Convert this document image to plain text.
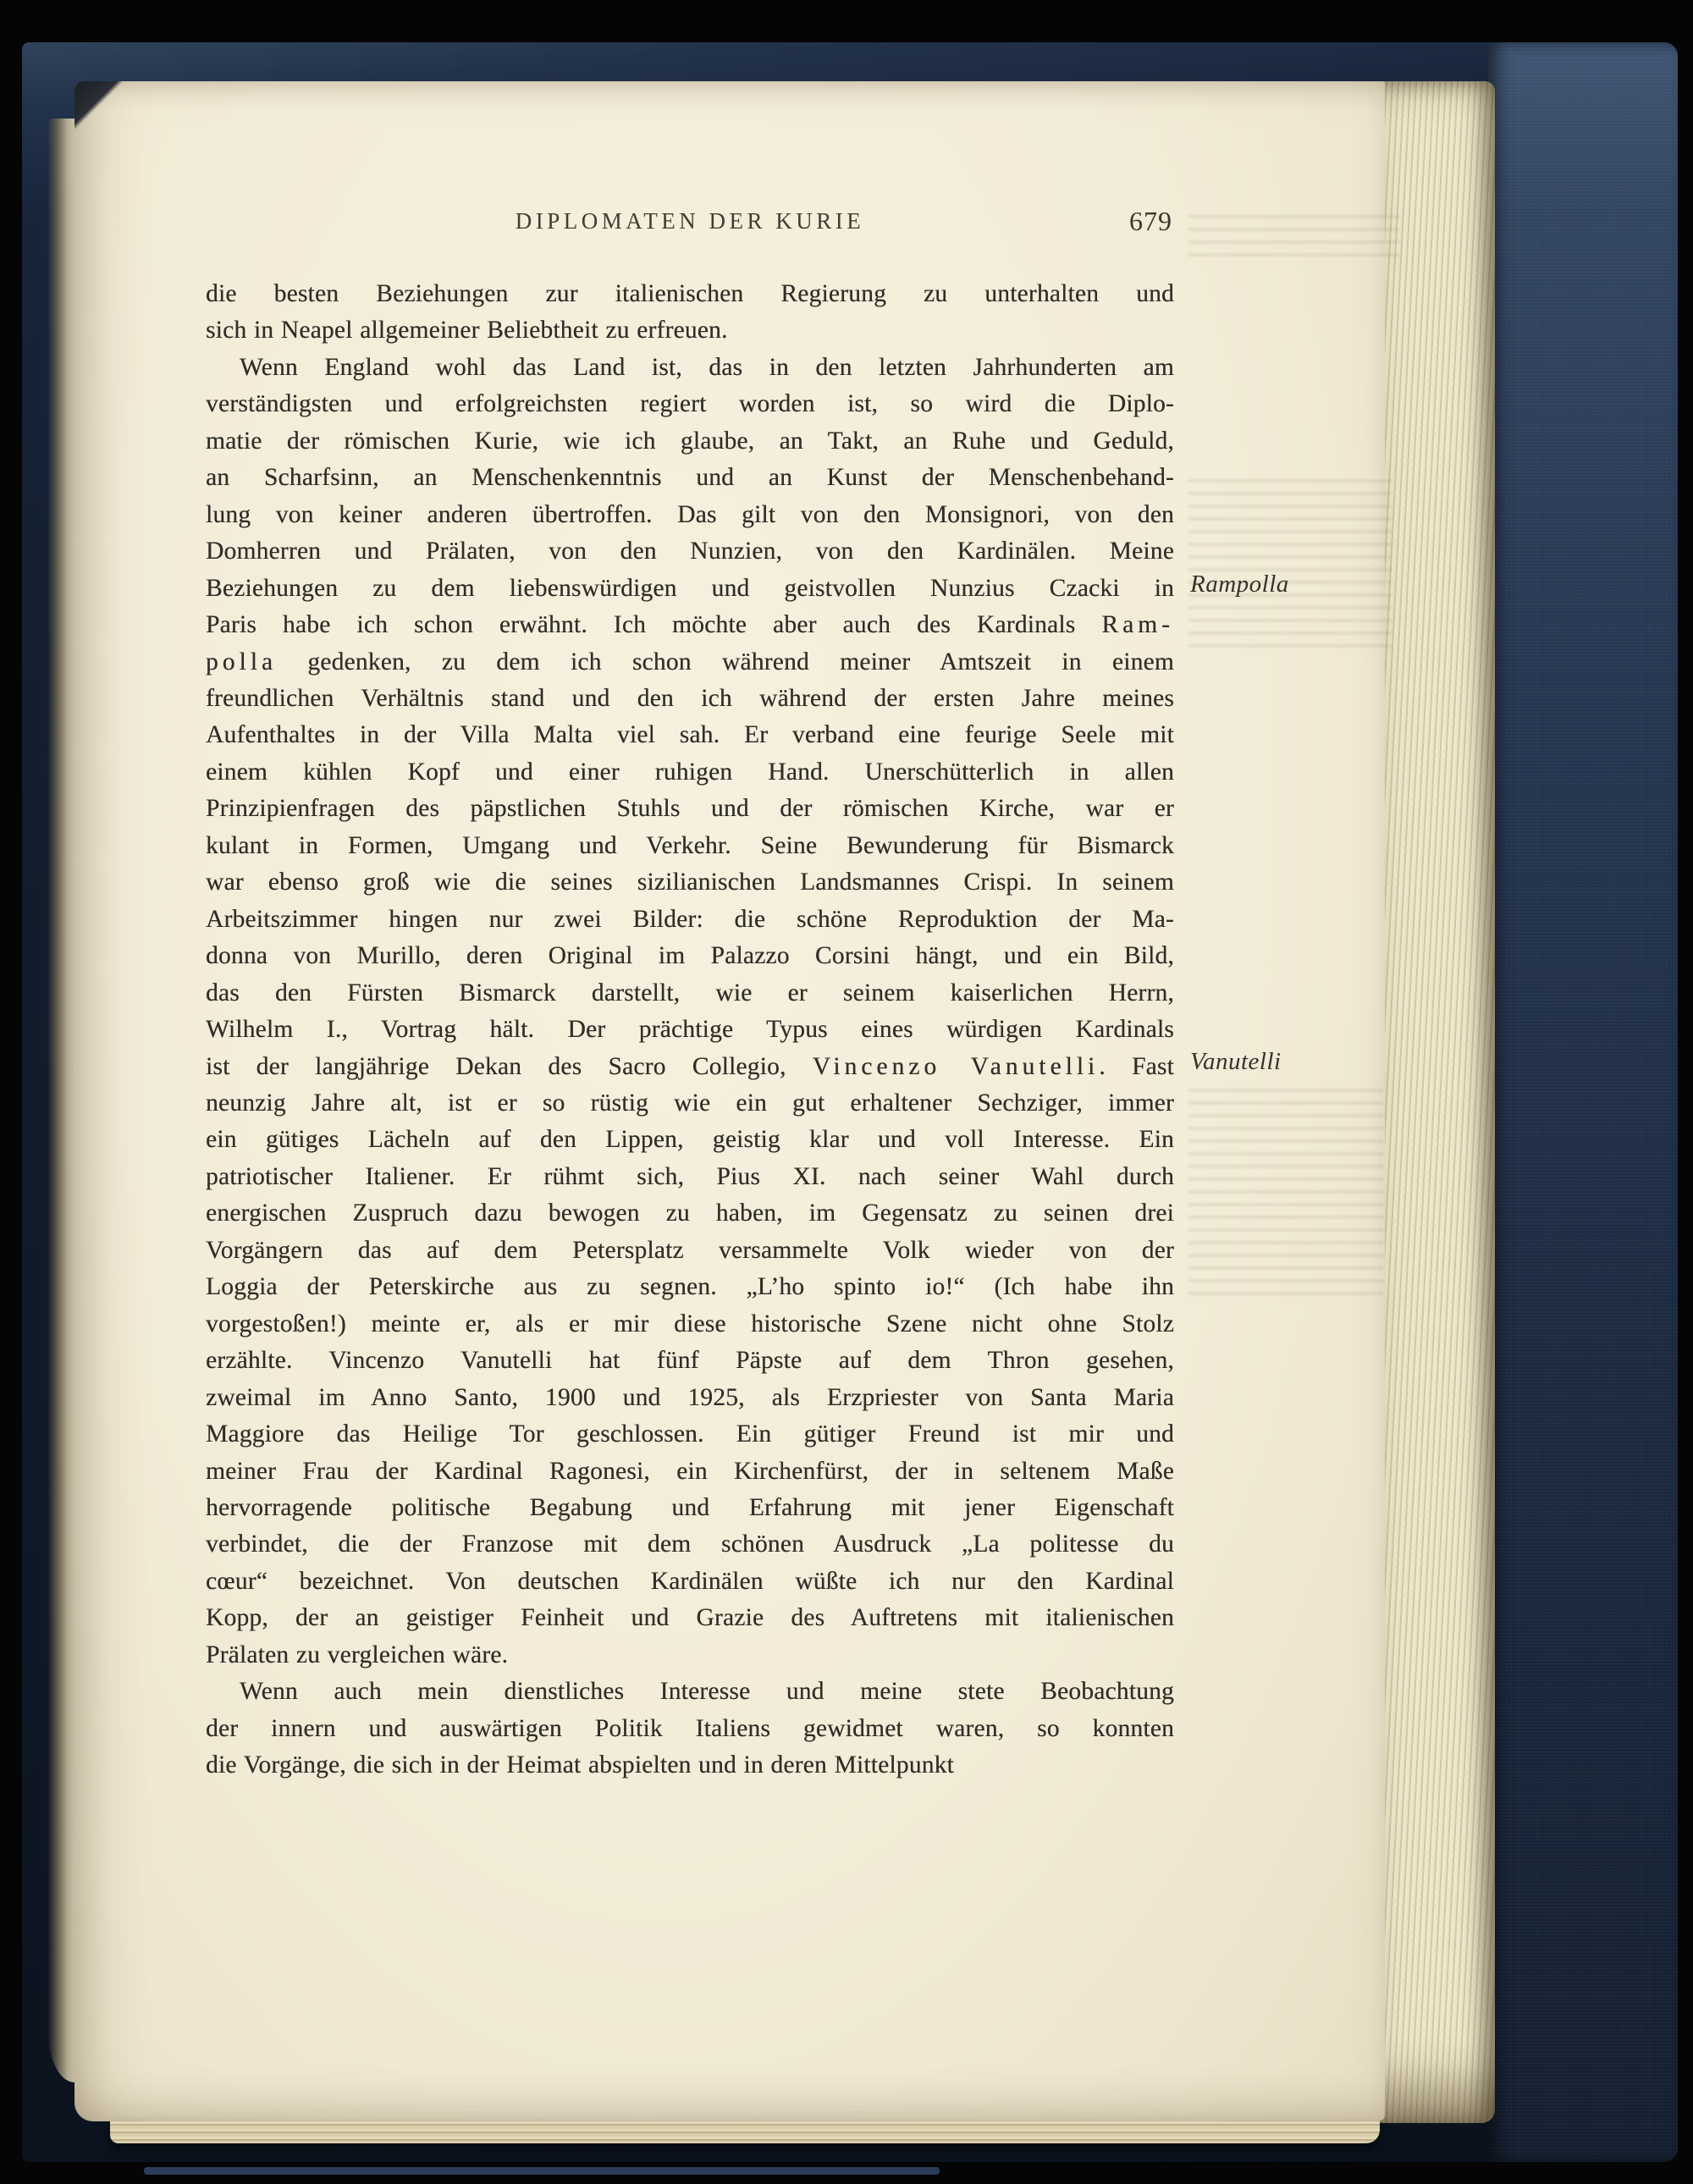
DIPLOMATEN DER KURIE	679
die besten Beziehungen zur italienischen Regierung zu unterhalten und
sich in Neapel allgemeiner Beliebtheit zu erfreuen.
Wenn England wohl das Land ist, das in den letzten Jahrhunderten am
verständigsten und erfolgreichsten regiert worden ist, so wird die Diplo-
matie der römischen Kurie, wie ich glaube, an Takt, an Ruhe und Geduld,
an Scharfsinn, an Menschenkenntnis und an Kunst der Menschenbehand-
lung von keiner anderen übertroffen. Das gilt von den Monsignori, von den
Domherren und Prälaten, von den Nunzien, von den Kardinälen. Meine
Beziehungen zu dem liebenswürdigen und geistvollen Nunzius Czacki in
Paris habe ich schon erwähnt. Ich möchte aber auch des Kardinals Ram-
polla gedenken, zu dem ich schon während meiner Amtszeit in einem
freundlichen Verhältnis stand und den ich während der ersten Jahre meines
Aufenthaltes in der Villa Malta viel sah. Er verband eine feurige Seele mit
einem kühlen Kopf und einer ruhigen Hand. Unerschütterlich in allen
Prinzipienfragen des päpstlichen Stuhls und der römischen Kirche, war er
kulant in Formen, Umgang und Verkehr. Seine Bewunderung für Bismarck
war ebenso groß wie die seines sizilianischen Landsmannes Crispi. In seinem
Arbeitszimmer hingen nur zwei Bilder: die schöne Reproduktion der Ma-
donna von Murillo, deren Original im Palazzo Corsini hängt, und ein Bild,
das den Fürsten Bismarck darstellt, wie er seinem kaiserlichen Herrn,
Wilhelm I., Vortrag hält. Der prächtige Typus eines würdigen Kardinals
ist der langjährige Dekan des Sacro Collegio, Vincenzo Vanutelli. Fast
neunzig Jahre alt, ist er so rüstig wie ein gut erhaltener Sechziger, immer
ein gütiges Lächeln auf den Lippen, geistig klar und voll Interesse. Ein
patriotischer Italiener. Er rühmt sich, Pius XI. nach seiner Wahl durch
energischen Zuspruch dazu bewogen zu haben, im Gegensatz zu seinen drei
Vorgängern das auf dem Petersplatz versammelte Volk wieder von der
Loggia der Peterskirche aus zu segnen. „L’ho spinto io!“ (Ich habe ihn
vorgestoßen!) meinte er, als er mir diese historische Szene nicht ohne Stolz
erzählte. Vincenzo Vanutelli hat fünf Päpste auf dem Thron gesehen,
zweimal im Anno Santo, 1900 und 1925, als Erzpriester von Santa Maria
Maggiore das Heilige Tor geschlossen. Ein gütiger Freund ist mir und
meiner Frau der Kardinal Ragonesi, ein Kirchenfürst, der in seltenem Maße
hervorragende politische Begabung und Erfahrung mit jener Eigenschaft
verbindet, die der Franzose mit dem schönen Ausdruck „La politesse du
cœur“ bezeichnet. Von deutschen Kardinälen wüßte ich nur den Kardinal
Kopp, der an geistiger Feinheit und Grazie des Auftretens mit italienischen
Prälaten zu vergleichen wäre.
Wenn auch mein dienstliches Interesse und meine stete Beobachtung
der innern und auswärtigen Politik Italiens gewidmet waren, so konnten
die Vorgänge, die sich in der Heimat abspielten und in deren Mittelpunkt
Rampolla
Vanutelli
